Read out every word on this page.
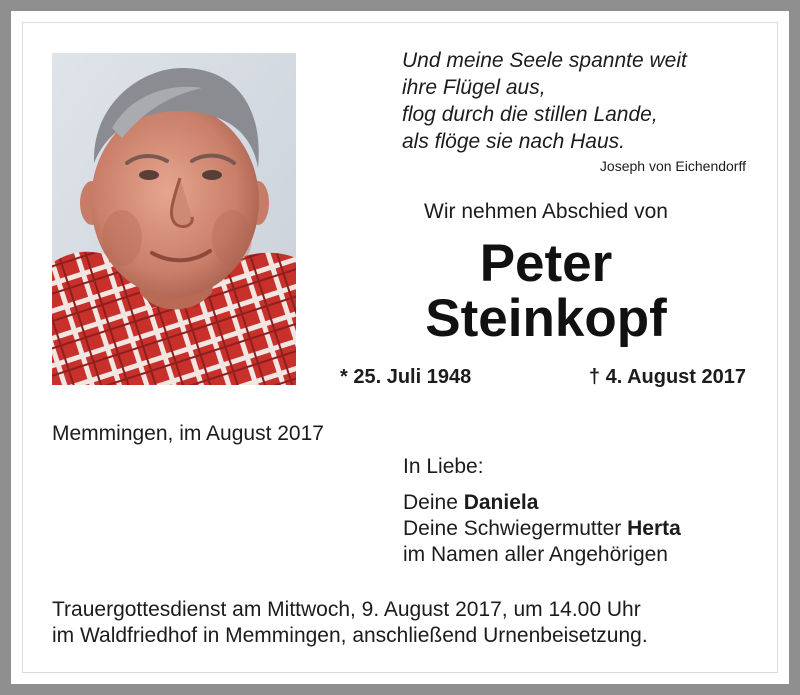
Und meine Seele spannte weit
ihre Flügel aus,
flog durch die stillen Lande,
als flöge sie nach Haus.
Joseph von Eichendorff
Wir nehmen Abschied von
Peter
Steinkopf
* 25. Juli 1948	† 4. August 2017
Memmingen, im August 2017
In Liebe:
Deine Daniela
Deine Schwiegermutter Herta
im Namen aller Angehörigen
Trauergottesdienst am Mittwoch, 9. August 2017, um 14.00 Uhr
im Waldfriedhof in Memmingen, anschließend Urnenbeisetzung.
